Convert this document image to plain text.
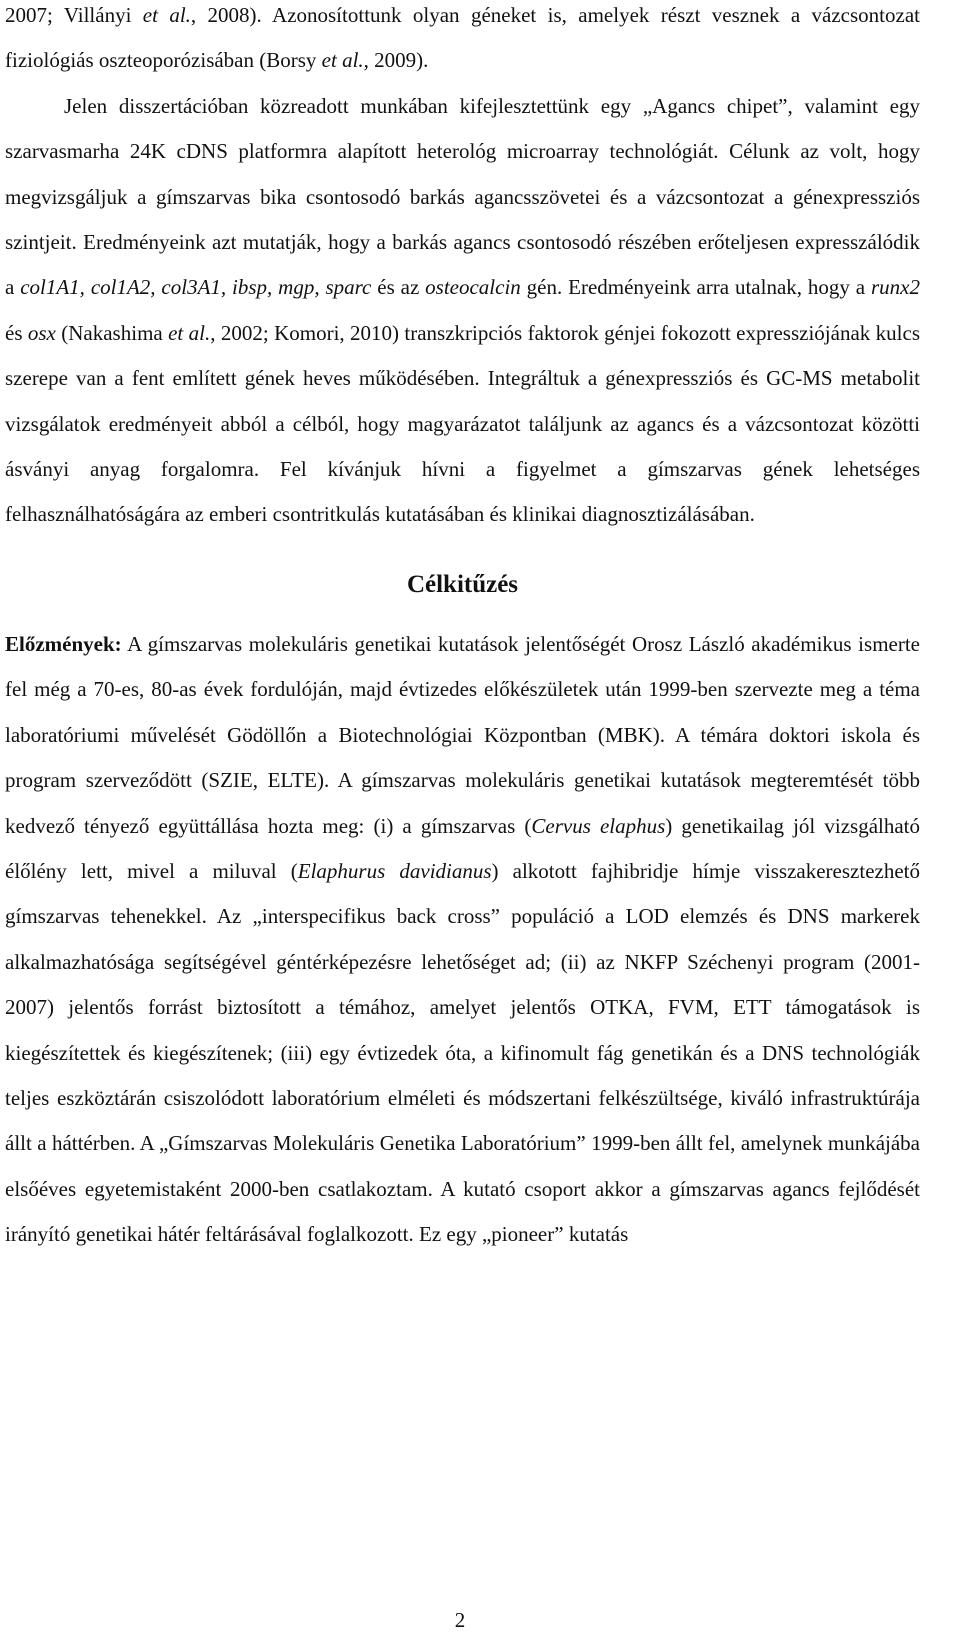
2007; Villányi et al., 2008). Azonosítottunk olyan géneket is, amelyek részt vesznek a vázcsontozat fiziológiás oszteoporózisában (Borsy et al., 2009).

Jelen disszertációban közreadott munkában kifejlesztettünk egy „Agancs chipet”, valamint egy szarvasmarha 24K cDNS platformra alapított heterológ microarray technológiát. Célunk az volt, hogy megvizsgáljuk a gímszarvas bika csontosodó barkás agancsszövetei és a vázcsontozat a génexpressziós szintjeit. Eredményeink azt mutatják, hogy a barkás agancs csontosodó részében erőteljesen expresszálódik a col1A1, col1A2, col3A1, ibsp, mgp, sparc és az osteocalcin gén. Eredményeink arra utalnak, hogy a runx2 és osx (Nakashima et al., 2002; Komori, 2010) transzkripciós faktorok génjei fokozott expressziójának kulcs szerepe van a fent említett gének heves működésében. Integráltuk a génexpressziós és GC-MS metabolit vizsgálatok eredményeit abból a célból, hogy magyarázatot találjunk az agancs és a vázcsontozat közötti ásványi anyag forgalomra. Fel kívánjuk hívni a figyelmet a gímszarvas gének lehetséges felhasználhatóságára az emberi csontritkulás kutatásában és klinikai diagnosztizálásában.

Célkitűzés

Előzmények: A gímszarvas molekuláris genetikai kutatások jelentőségét Orosz László akadémikus ismerte fel még a 70-es, 80-as évek fordulóján, majd évtizedes előkészületek után 1999-ben szervezte meg a téma laboratóriumi művelését Gödöllőn a Biotechnológiai Központban (MBK). A témára doktori iskola és program szerveződött (SZIE, ELTE). A gímszarvas molekuláris genetikai kutatások megteremtését több kedvező tényező együttállása hozta meg: (i) a gímszarvas (Cervus elaphus) genetikailag jól vizsgálható élőlény lett, mivel a miluval (Elaphurus davidianus) alkotott fajhibridje hímje visszakeresztezhető gímszarvas tehenekkel. Az „interspecifikus back cross” populáció a LOD elemzés és DNS markerek alkalmazhatósága segítségével géntérképezésre lehetőséget ad; (ii) az NKFP Széchenyi program (2001-2007) jelentős forrást biztosított a témához, amelyet jelentős OTKA, FVM, ETT támogatások is kiegészítettek és kiegészítenek; (iii) egy évtizedek óta, a kifinomult fág genetikán és a DNS technológiák teljes eszköztárán csiszolódott laboratórium elméleti és módszertani felkészültsége, kiváló infrastruktúrája állt a háttérben. A „Gímszarvas Molekuláris Genetika Laboratórium” 1999-ben állt fel, amelynek munkájába elsőéves egyetemistaként 2000-ben csatlakoztam. A kutató csoport akkor a gímszarvas agancs fejlődését irányító genetikai hátér feltárásával foglalkozott. Ez egy „pioneer” kutatás

2
